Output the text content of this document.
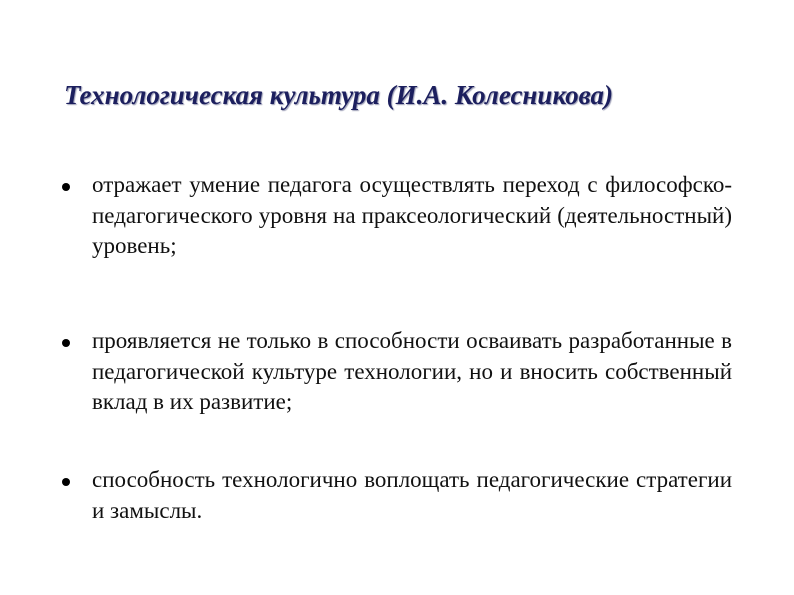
Технологическая культура (И.А. Колесникова)
отражает умение педагога осуществлять переход с философско-педагогического уровня на праксеологический (деятельностный) уровень;
проявляется не только в способности осваивать разработанные в педагогической культуре технологии, но и вносить собственный вклад в их развитие;
способность технологично воплощать педагогические стратегии и замыслы.
